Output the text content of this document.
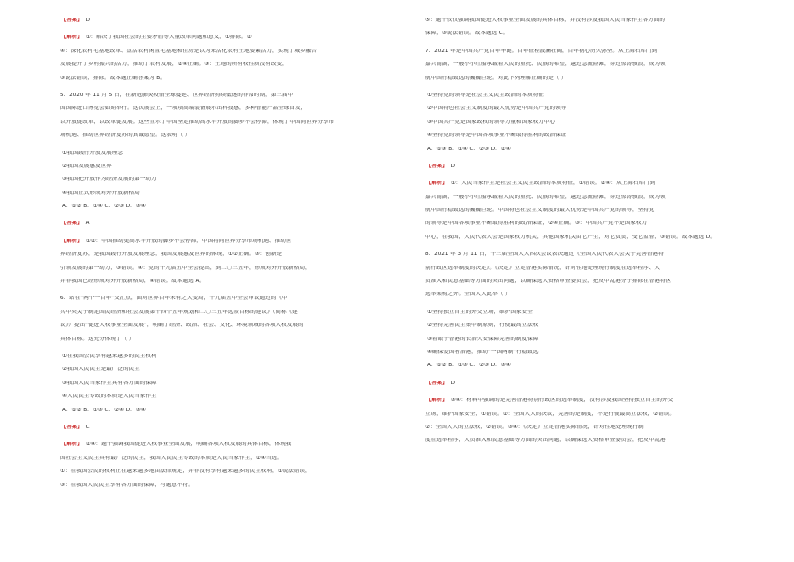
【答案】 D
【解析】 ①：解决了我国社会的主要矛盾等大量改革问题和意义，①排除。②
④：深化农村宅基地改革、盘活农村闲置宅基地和住房是以为来活化农村土地要素活力，实现了城乡融合
发展提升了乡村振兴的活力，推动了农村发展，②④正确。③：土地的所有权性质没有改变，
③说法错误，排除。故本题正确答案为 B。
5．2020 年 11 月 5 日，在新冠肺炎疫情全球蔓延、世界经济持续低迷的非常时期，第三届中
国国际进口博览会如期举行。这次展会上，一项项高端装备展示出科技感，多种智能产品全球首发，
以开放促改革，以改革促发展。这些宣示了中国坚定推动高水平开放的脚步不会停滞，体现了中国同世界分享市
场机遇、推动世界经济复苏的真诚愿望。这表明（ ）
①我国践行开放发展理念
②我国发展惠及世界
③我国把开放作为经济发展的第一动力
④我国正式形成对外开放新格局
A．①② B．①④ C．②③ D．③④
【答案】 A
【解析】 ①②：中国推动更高水平开放的脚步不会停滞，中国将同世界分享市场机遇、推动世
界经济复苏，是我国践行开放发展理念，我国发展惠及世界的体现，①②正确。③：创新是
引领发展的第一动力，③错误。④：党的十九届五中全会提出，到二〇三五年，形成对外开放新格局，
并非我国已经形成对外开放新格局，④错误。故本题选 A。
6．站在“两个一百年”交汇点，面对世界百年未有之大变局，十九届五中全会审议通过的《中
共中央关于制定国民经济和社会发展第十四个五年规划和二〇三五年远景目标的建议》（简称《建
议》）提出“促进人权事业全面发展”，明确了经济、政治、社会、文化、环境领域的各项人权发展的
具体目标。这充分体现了（ ）
①在我国公民享有越来越多的民主权利
②我国人民民主是最广泛的民主
③我国人民当家作主具有各方面的保障
④人民民主专政的本质是人民当家作主
A．①② B．①③ C．②④ D．③④
【答案】 C
【解析】 ②④：题干强调我国促进人权事业全面发展，明确各项人权发展的具体目标，体现我
国社会主义民主具有最广泛的民主，我国人民民主专政的本质是人民当家作主，②④当选。
①：在我国公民的权利正在越来越多地由法律规定，并非没有享有越来越多的民主权利，①说法错误，
③：在我国人民民主享有各方面的保障，与题意不符。
⑤：题干仅仅强调我国促进人权事业全面发展的具体目标，并没有涉及我国人民当家作主各方面的
保障，③说法错误。故本题选 C。
7．2021 年是中国共产党百年华诞。百年征程波澜壮阔，百年初心历久弥坚。从上海石库门到
嘉兴南湖，一艘小小红船承载着人民的重托、民族的希望，越过急流险滩，穿过惊涛骇浪，成为领
航中国行稳致远的巍巍巨轮。对此下列理解正确的是（ ）
①坚持党的领导是社会主义民主政治的本质特征
②中国特色社会主义制度的最大优势是中国共产党的领导
③中国共产党是国家政权的领导力量和国家权力中心
④坚持党的领导是中国各项事业不断取得胜利的政治保证
A．①③ B．①④ C．②③ D．②④
【答案】 D
【解析】 ①：人民当家作主是社会主义民主政治的本质特征，①错误。②④：从上海石库门到
嘉兴南湖，一艘小小红船承载着人民的重托、民族的希望，越过急流险滩，穿过惊涛骇浪，成为领
航中国行稳致远的巍巍巨轮。中国特色社会主义制度的最大优势是中国共产党的领导，坚持党
的领导是中国各项事业不断取得胜利的政治保证，②④正确。③：中国共产党不是国家权力
中心，在我国，人民代表大会是国家权力机关，其他国家机关由它产生，对它负责，受它监督，③错误。故本题选 D。
8．2021 年 3 月 11 日，十三届全国人大四次会议表决通过《全国人民代表大会关于完善香港特
别行政区选举制度的决定》。《决定》立足香港实际情况，针对性地处理现行制度在选举程序、人
员准入和民意基础等方面的突出问题，以确保选人资格审查委员会，把反中乱港分子排除在香港特区
选举架构之外。全国人大此举（ ）
①坚持独立自主的外交立场，维护国家安全
②坚持完善民主集中制原则，行使最高立法权
③着眼于香港的长治久安保障完善的制度保障
④确保爱国者治港，推动“一国两制”行稳致远
A．①② B．①③ C．②③ D．③④
【答案】 D
【解析】 ③④：材料中强调的是完善香港特别行政区的选举制度，没有涉及我国坚持独立自主的外交
立场，维护国家安全，①错误。②：全国人大的决议，完善的是制度，不是行使最高立法权，②错误。
②：全国人大的立法权，②错误。③④：《决定》立足香港实际情况，针对性地处理现行制
度在选举程序，人员准入和民意基础等方面的突出问题，以确保选人资格审查委员会，把反中乱港
